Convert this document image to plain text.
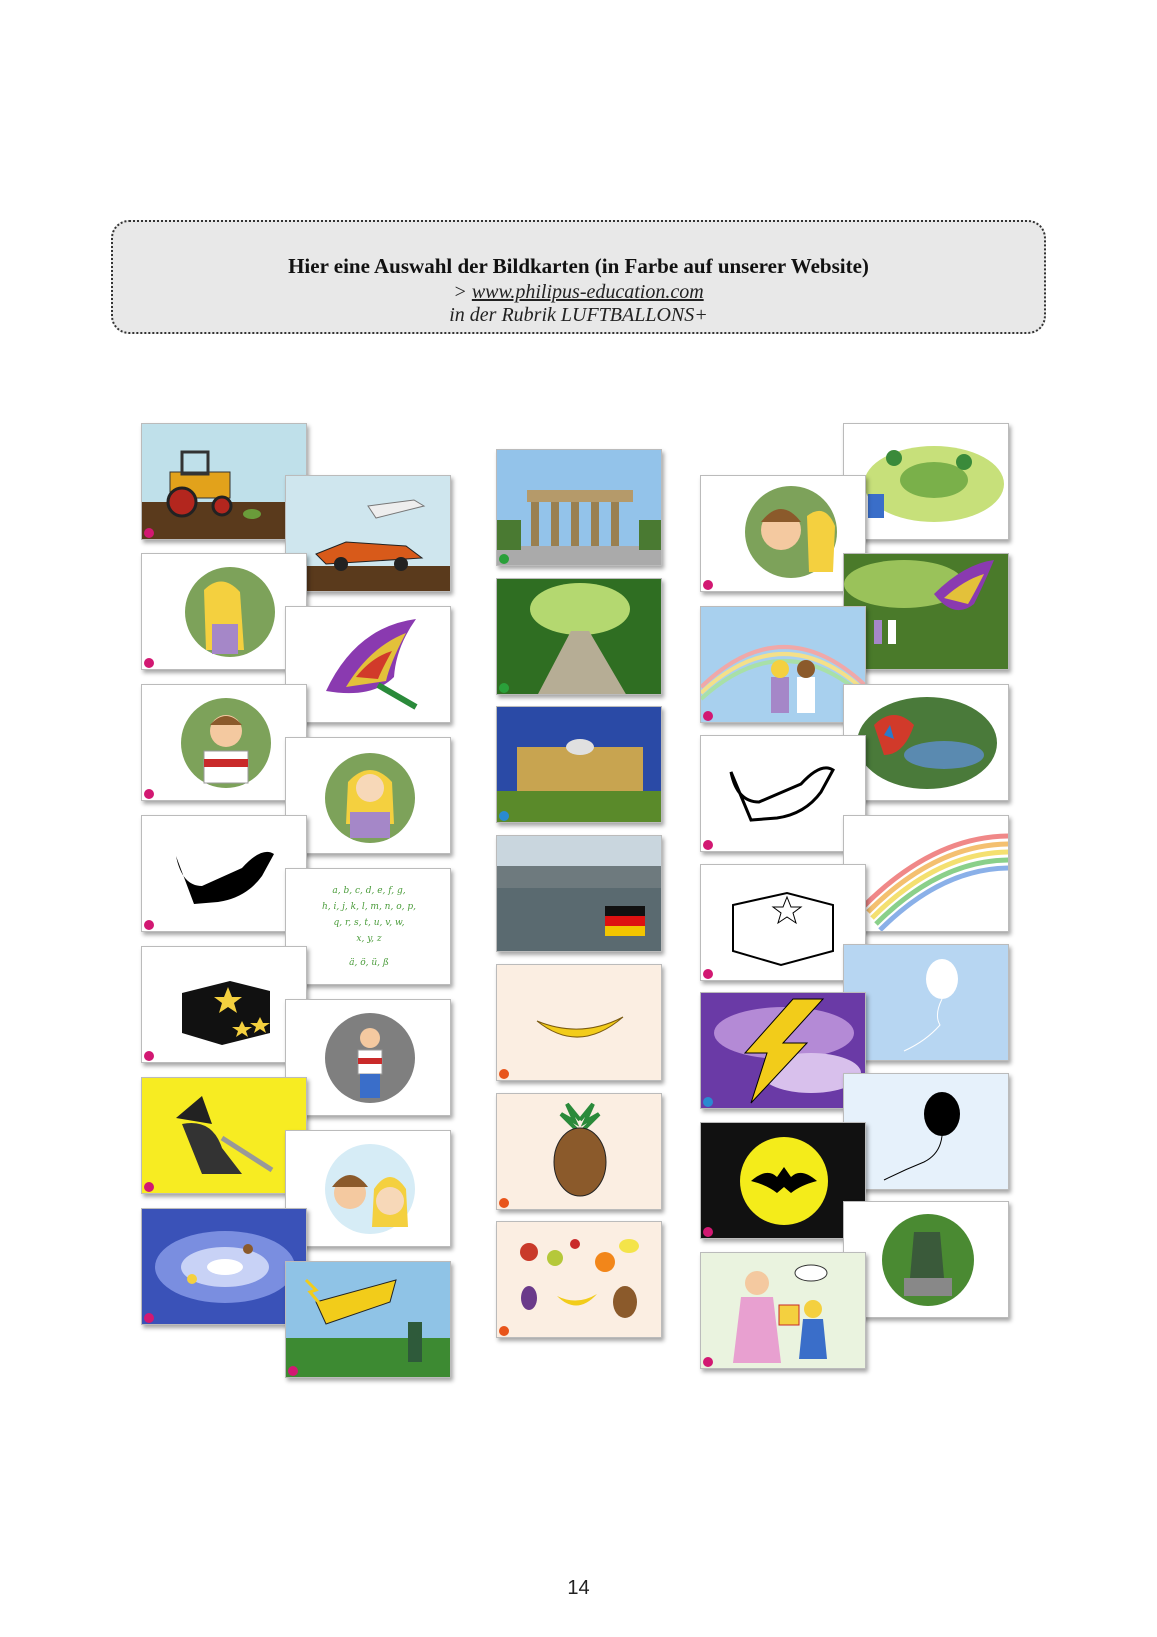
Hier eine Auswahl der Bildkarten (in Farbe auf unserer Website)
> www.philipus-education.com
in der Rubrik LUFTBALLONS+
a, b, c, d, e, f, g,
h, i, j, k, l, m, n, o, p,
q, r, s, t, u, v, w,
x, y, z
ä, ö, ü, ß
14
